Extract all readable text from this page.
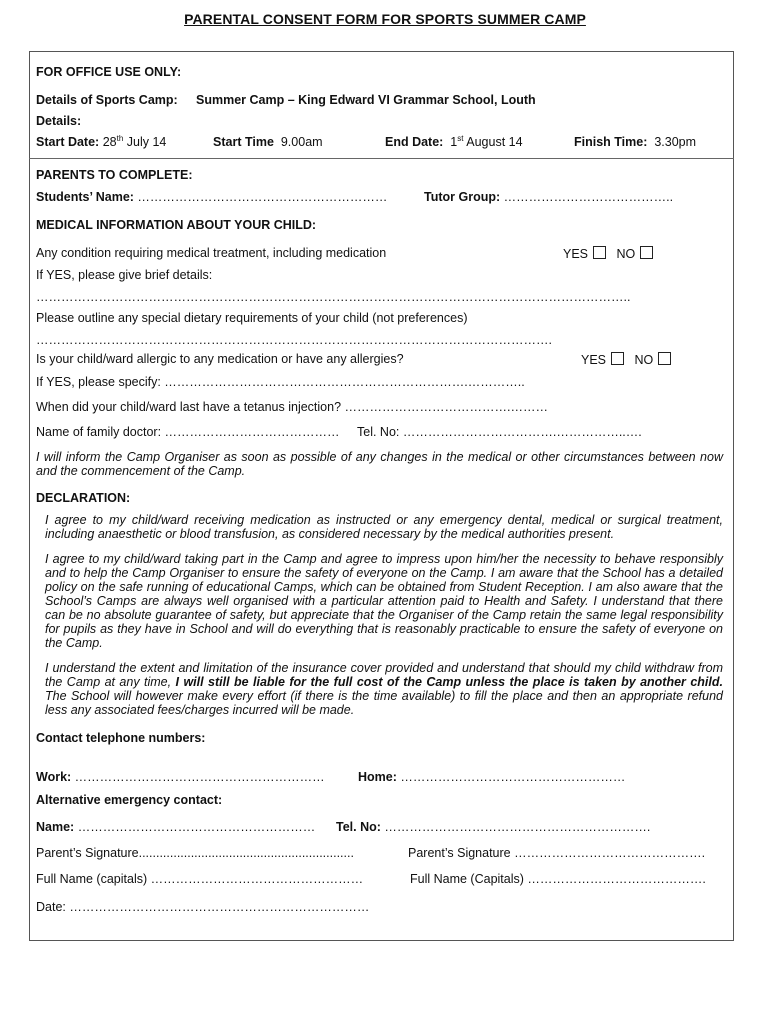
PARENTAL CONSENT FORM FOR SPORTS SUMMER CAMP
FOR OFFICE USE ONLY:
Details of Sports Camp: Summer Camp – King Edward VI Grammar School, Louth
Details:
Start Date: 28th July 14	Start Time 9.00am	End Date: 1st August 14	Finish Time: 3.30pm
PARENTS TO COMPLETE:
Students’ Name: ……………………………………………………	Tutor Group: …………………………………..
MEDICAL INFORMATION ABOUT YOUR CHILD:
Any condition requiring medical treatment, including medication	YES NO
If YES, please give brief details:
……………………………………………………………………………………………………………………………..
Please outline any special dietary requirements of your child (not preferences)
…………………………………………………………………………………………………………….
Is your child/ward allergic to any medication or have any allergies?	YES NO
If YES, please specify: ……………………………………………………………….…………..
When did your child/ward last have a tetanus injection? ………………………………….………
Name of family doctor: …………………………………… Tel. No: ……………………………….……………..….
I will inform the Camp Organiser as soon as possible of any changes in the medical or other circumstances between now and the commencement of the Camp.
DECLARATION:
I agree to my child/ward receiving medication as instructed or any emergency dental, medical or surgical treatment, including anaesthetic or blood transfusion, as considered necessary by the medical authorities present.
I agree to my child/ward taking part in the Camp and agree to impress upon him/her the necessity to behave responsibly and to help the Camp Organiser to ensure the safety of everyone on the Camp. I am aware that the School has a detailed policy on the safe running of educational Camps, which can be obtained from Student Reception. I am also aware that the School’s Camps are always well organised with a particular attention paid to Health and Safety. I understand that there can be no absolute guarantee of safety, but appreciate that the Organiser of the Camp retain the same legal responsibility for pupils as they have in School and will do everything that is reasonably practicable to ensure the safety of everyone on the Camp.
I understand the extent and limitation of the insurance cover provided and understand that should my child withdraw from the Camp at any time, I will still be liable for the full cost of the Camp unless the place is taken by another child. The School will however make every effort (if there is the time available) to fill the place and then an appropriate refund less any associated fees/charges incurred will be made.
Contact telephone numbers:
Work: ……………………………………………………	Home: ………………………………………………
Alternative emergency contact:
Name: ………………………………………………… Tel. No: ……………………………………………………….
Parent’s Signature..............................................................	Parent’s Signature ……………………………………….
Full Name (capitals) ……………………………………………	Full Name (Capitals) …………………………………….
Date: ………………………………………………………………
